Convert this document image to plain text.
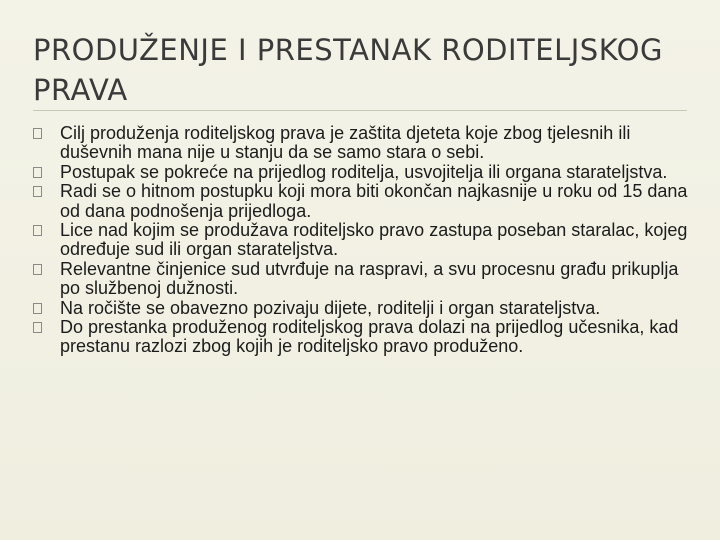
PRODUŽENJE I PRESTANAK RODITELJSKOG PRAVA
Cilj produženja roditeljskog prava je zaštita djeteta koje zbog tjelesnih ili duševnih mana nije u stanju da se samo stara o sebi.
Postupak se pokreće na prijedlog roditelja, usvojitelja ili organa starateljstva.
Radi se o hitnom postupku koji mora biti okončan najkasnije u roku od 15 dana od dana podnošenja prijedloga.
Lice nad kojim se produžava roditeljsko pravo zastupa poseban staralac, kojeg određuje sud ili organ starateljstva.
Relevantne činjenice sud utvrđuje na raspravi, a svu procesnu građu prikuplja po službenoj dužnosti.
Na ročište se obavezno pozivaju dijete, roditelji i organ starateljstva.
Do prestanka produženog roditeljskog prava dolazi na prijedlog učesnika, kad prestanu razlozi zbog kojih je roditeljsko pravo produženo.
